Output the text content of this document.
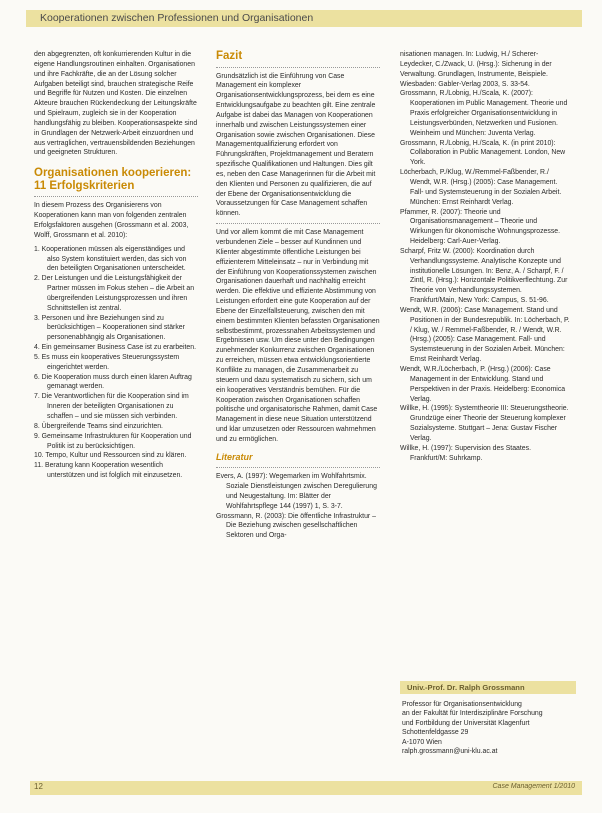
Kooperationen zwischen Professionen und Organisationen

den abgegrenzten, oft konkurrierenden Kultur in die eigene Handlungsroutinen einhalten. Organisationen und ihre Fachkräfte, die an der Lösung solcher Aufgaben beteiligt sind, brauchen strategische Reife und Begriffe für Nutzen und Kosten. Die einzelnen Akteure brauchen Rückendeckung der Leitungskräfte und Spielraum, zugleich sie in der Kooperation handlungsfähig zu bleiben. Kooperationsaspekte sind in Grundlagen der Netzwerk-Arbeit einzuordnen und aus vertraglichen, vertrauensbildenden Beziehungen und geeigneten Strukturen.

Organisationen kooperieren:
11 Erfolgskriterien

In diesem Prozess des Organisierens von Kooperationen kann man von folgenden zentralen Erfolgsfaktoren ausgehen (Grossmann et al. 2003, Wolff, Grossmann et al. 2010):

1. Kooperationen müssen als eigenständiges und also System konstituiert werden, das sich von den beteiligten Organisationen unterscheidet.
2. Der Leistungen und die Leistungsfähigkeit der Partner müssen im Fokus stehen – die Arbeit an übergreifenden Leistungsprozessen und ihren Schnittstellen ist zentral.
3. Personen und ihre Beziehungen sind zu berücksichtigen – Kooperationen sind stärker personenabhängig als Organisationen.
4. Ein gemeinsamer Business Case ist zu erarbeiten.
5. Es muss ein kooperatives Steuerungssystem eingerichtet werden.
6. Die Kooperation muss durch einen klaren Auftrag gemanagt werden.
7. Die Verantwortlichen für die Kooperation sind im Inneren der beteiligten Organisationen zu schaffen – und sie müssen sich verbinden.
8. Übergreifende Teams sind einzurichten.
9. Gemeinsame Infrastrukturen für Kooperation und Politik ist zu berücksichtigen.
10. Tempo, Kultur und Ressourcen sind zu klären.
11. Beratung kann Kooperation wesentlich unterstützen und ist folglich mit einzusetzen.
Fazit

Grundsätzlich ist die Einführung von Case Management ein komplexer Organisationsentwicklungsprozess, bei dem es eine Entwicklungsaufgabe zu beachten gilt. Eine zentrale Aufgabe ist dabei das Managen von Kooperationen innerhalb und zwischen Leistungssystemen einer Organisation sowie zwischen Organisationen. Diese Managementqualifizierung erfordert von Führungskräften, Projektmanagement und Beratern spezifische Qualifikationen und Haltungen. Dies gilt es, neben den Case Managerinnen für die Arbeit mit den Klienten und Personen zu qualifizieren, die auf der Ebene der Organisationsentwicklung die Voraussetzungen für Case Management schaffen können.

Und vor allem kommt die mit Case Management verbundenen Ziele – besser auf Kundinnen und Klienter abgestimmte öffentliche Leistungen bei effizienterem Mitteleinsatz – nur in Verbindung mit der Einführung von Kooperationssystemen zwischen Organisationen dauerhaft und nachhaltig erreicht werden. Die effektive und effiziente Abstimmung von Leistungen erfordert eine gute Kooperation auf der Ebene der Einzelfallsteuerung, zwischen den mit einem bestimmten Klienten befassten Organisationen selbstbestimmt, prozessnahen Arbeitssystemen und Ergebnissen usw. Um diese unter den Bedingungen zunehmender Konkurrenz zwischen Organisationen zu erreichen, müssen etwa entwicklungsorientierte Konflikte zu managen, die Zusammenarbeit zu steuern und dazu systematisch zu sichern, sich um ein kooperatives Verständnis bemühen. Für die Kooperation zwischen Organisationen schaffen politische und organisatorische Rahmen, damit Case Management in diese neue Situation unterstützend und klar umzusetzen oder Ressourcen wahrnehmen und zu ermöglichen.

Literatur
Evers, A. (1997): Wegemarken im Wohlfahrtsmix. Soziale Dienstleistungen zwischen Deregulierung und Neugestaltung. Im: Blätter der Wohlfahrtspflege 144 (1997) 1, S. 3-7.
Grossmann, R. (2003): Die öffentliche Infrastruktur – Die Beziehung zwischen gesellschaftlichen Sektoren und Orga-
nisationen managen. In: Ludwig, H./ Scherer-Leydecker, C./Zwack, U. (Hrsg.): Sicherung in der Verwaltung. Grundlagen, Instrumente, Beispiele. Wiesbaden: Gabler-Verlag 2003, S. 33-54.
Grossmann, R./Lobnig, H./Scala, K. (2007): Kooperationen im Public Management. Theorie und Praxis erfolgreicher Organisationsentwicklung in Leistungsverbünden, Netzwerken und Fusionen. Weinheim und München: Juventa Verlag.
Grossmann, R./Lobnig, H./Scala, K. (in print 2010): Collaboration in Public Management. London, New York.
Löcherbach, P./Klug, W./Remmel-Faßbender, R./ Wendt, W.R. (Hrsg.) (2005): Case Management. Fall- und Systemsteuerung in der Sozialen Arbeit. München: Ernst Reinhardt Verlag.
Pfammer, R. (2007): Theorie und Organisationsmanagement – Theorie und Wirkungen für ökonomische Wohnungsprozesse. Heidelberg: Carl-Auer-Verlag.
Scharpf, Fritz W. (2000): Koordination durch Verhandlungssysteme. Analytische Konzepte und institutionelle Lösungen. In: Benz, A. / Scharpf, F. / Zintl, R. (Hrsg.): Horizontale Politikverflechtung. Zur Theorie von Verhandlungssystemen. Frankfurt/Main, New York: Campus, S. 51-96.
Wendt, W.R. (2006): Case Management. Stand und Positionen in der Bundesrepublik. In: Löcherbach, P. / Klug, W. / Remmel-Faßbender, R. / Wendt, W.R. (Hrsg.) (2005): Case Management. Fall- und Systemsteuerung in der Sozialen Arbeit. München: Ernst Reinhardt Verlag.
Wendt, W.R./Löcherbach, P. (Hrsg.) (2006): Case Management in der Entwicklung. Stand und Perspektiven in der Praxis. Heidelberg: Economica Verlag.
Willke, H. (1995): Systemtheorie III: Steuerungstheorie. Grundzüge einer Theorie der Steuerung komplexer Sozialsysteme. Stuttgart – Jena: Gustav Fischer Verlag.
Willke, H. (1997): Supervision des Staates. Frankfurt/M: Suhrkamp.
Univ.-Prof. Dr. Ralph Grossmann
Professor für Organisationsentwicklung
an der Fakultät für Interdisziplinäre Forschung
und Fortbildung der Universität Klagenfurt
Schottenfeldgasse 29
A-1070 Wien
ralph.grossmann@uni-klu.ac.at
12	Case Management 1/2010
